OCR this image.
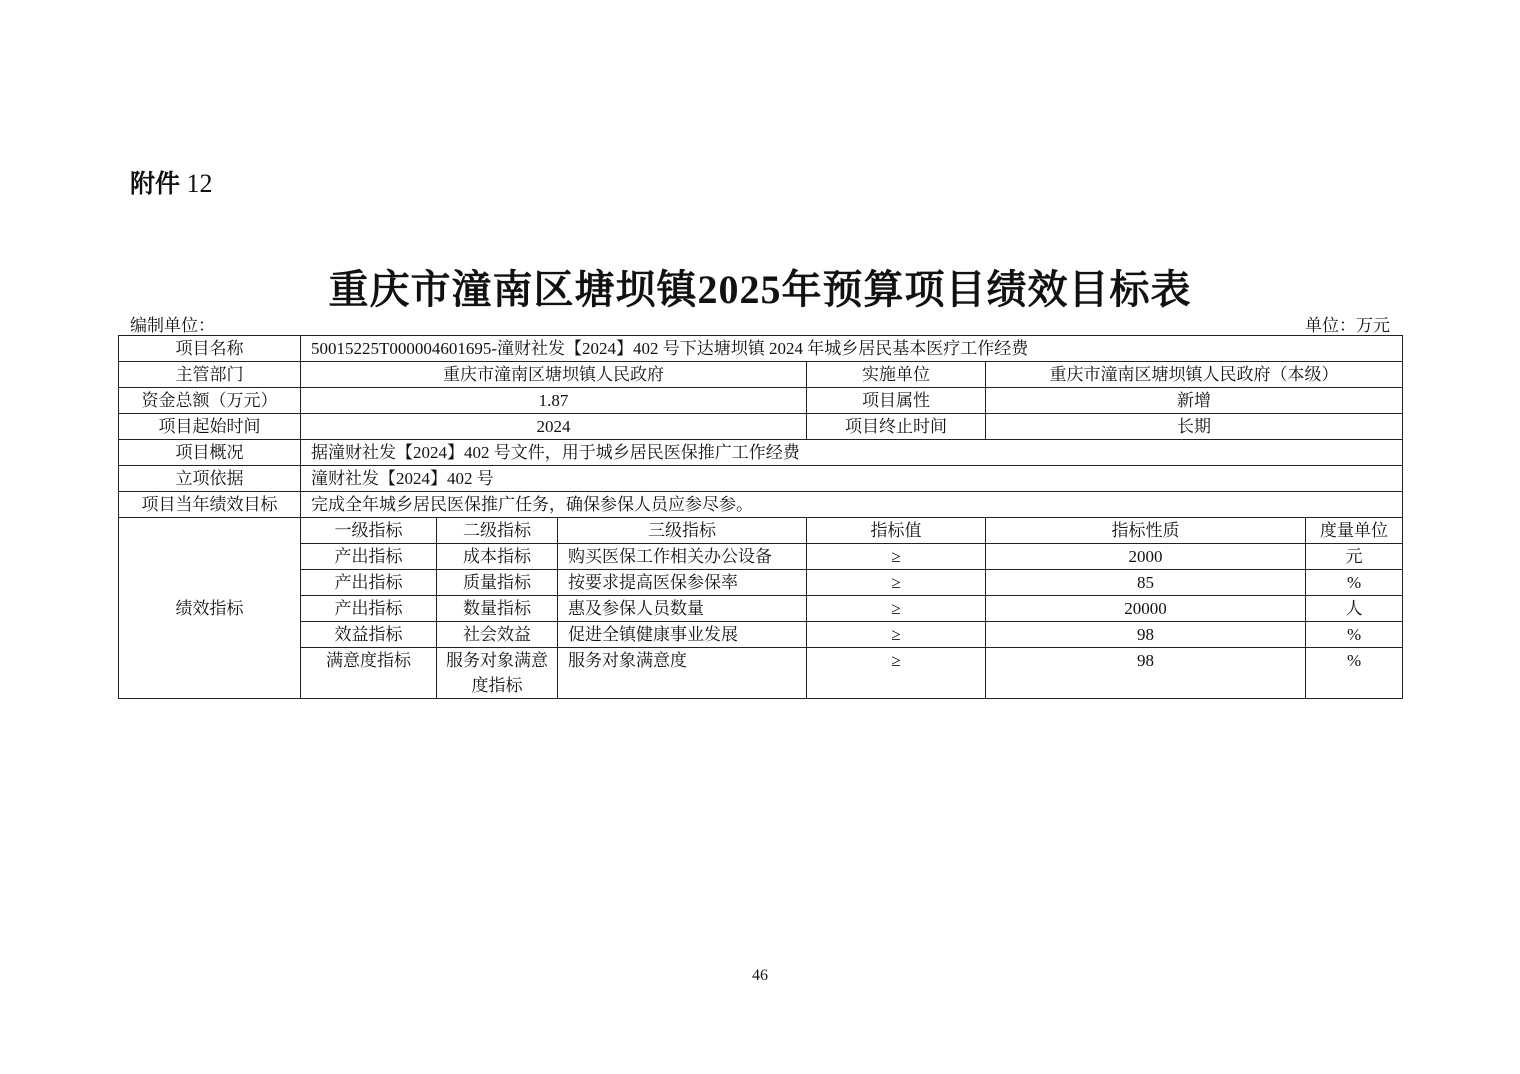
附件 12
重庆市潼南区塘坝镇2025年预算项目绩效目标表
编制单位：	单位：万元
项目名称	50015225T000004601695-潼财社发【2024】402 号下达塘坝镇 2024 年城乡居民基本医疗工作经费					
主管部门	重庆市潼南区塘坝镇人民政府			实施单位	重庆市潼南区塘坝镇人民政府（本级）	
资金总额（万元）	1.87			项目属性	新增	
项目起始时间	2024			项目终止时间	长期	
项目概况	据潼财社发【2024】402 号文件，用于城乡居民医保推广工作经费					
立项依据	潼财社发【2024】402 号					
项目当年绩效目标	完成全年城乡居民医保推广任务，确保参保人员应参尽参。					
绩效指标	一级指标	二级指标	三级指标	指标值	指标性质	度量单位
	产出指标	成本指标	购买医保工作相关办公设备	≥	2000	元
	产出指标	质量指标	按要求提高医保参保率	≥	85	%
	产出指标	数量指标	惠及参保人员数量	≥	20000	人
	效益指标	社会效益	促进全镇健康事业发展	≥	98	%
	满意度指标	服务对象满意度指标	服务对象满意度	≥	98	%
46
